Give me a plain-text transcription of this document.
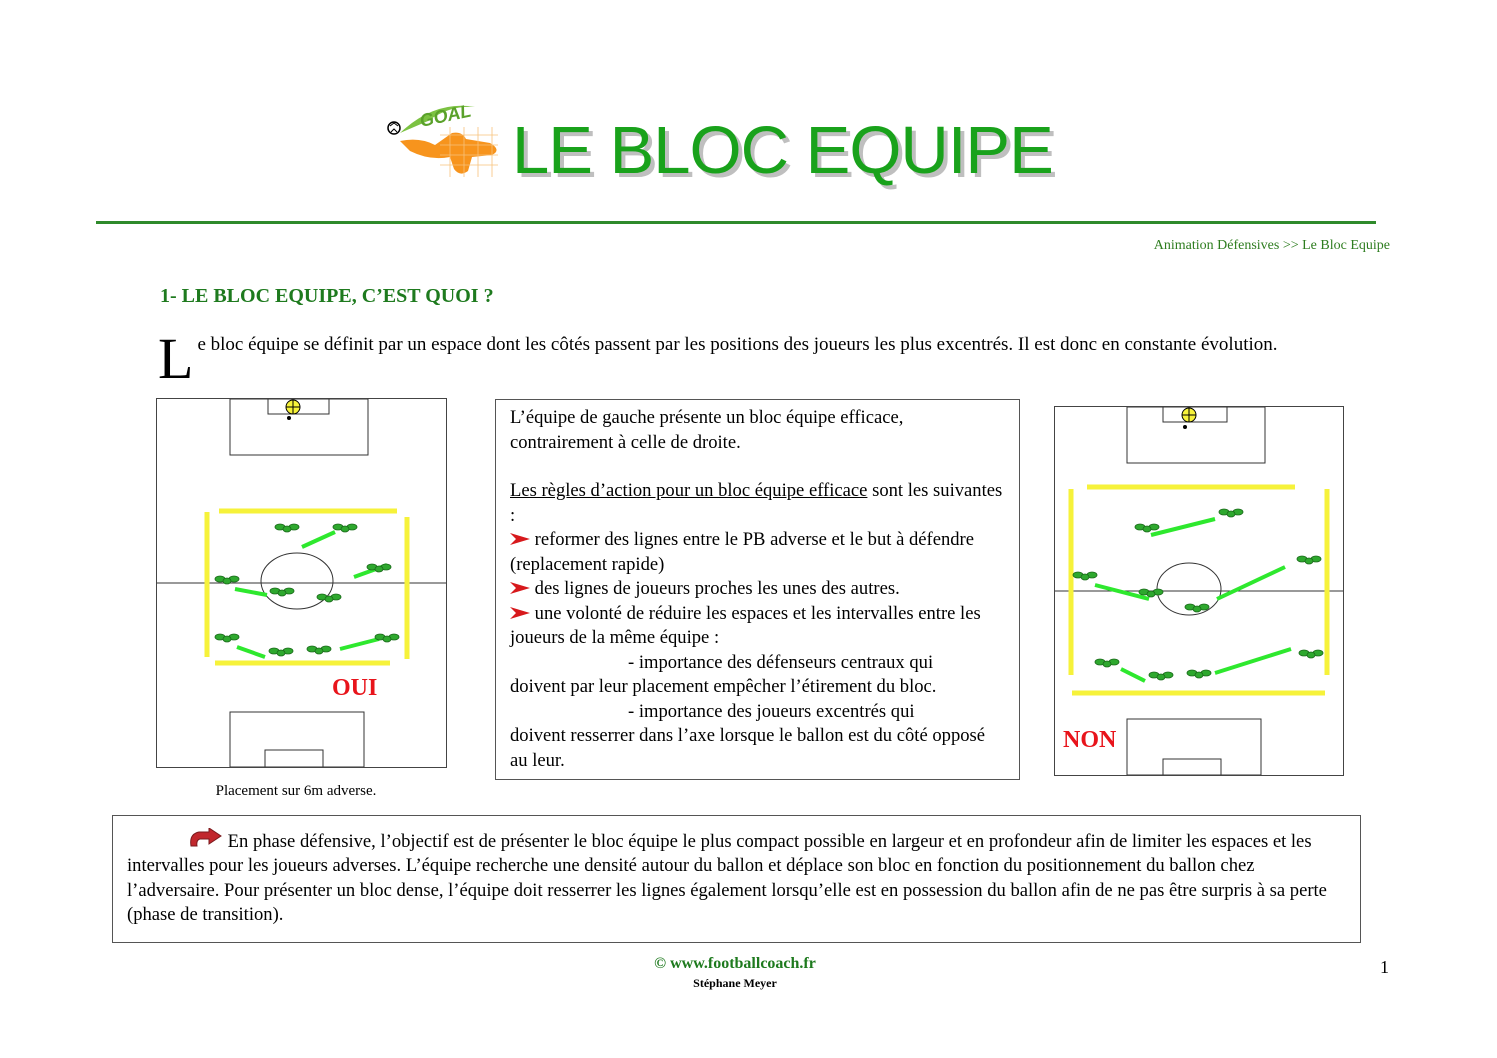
GOAL LE BLOC EQUIPE
Animation Défensives >> Le Bloc Equipe
1- LE BLOC EQUIPE, C’EST QUOI ?
L e bloc équipe se définit par un espace dont les côtés passent par les positions des joueurs les plus excentrés. Il est donc en constante évolution.
OUI
Placement sur 6m adverse.

L’équipe de gauche présente un bloc équipe efficace, contrairement à celle de droite.

Les règles d’action pour un bloc équipe efficace sont les suivantes :

reformer des lignes entre le PB adverse et le but à défendre (replacement rapide)

des lignes de joueurs proches les unes des autres.

une volonté de réduire les espaces et les intervalles entre les joueurs de la même équipe :

- importance des défenseurs centraux qui
doivent par leur placement empêcher l’étirement du bloc.

- importance des joueurs excentrés qui
doivent resserrer dans l’axe lorsque le ballon est du côté opposé au leur.

NON

En phase défensive, l’objectif est de présenter le bloc équipe le plus compact possible en largeur et en profondeur afin de limiter les espaces et les intervalles pour les joueurs adverses. L’équipe recherche une densité autour du ballon et déplace son bloc en fonction du positionnement du ballon chez l’adversaire. Pour présenter un bloc dense, l’équipe doit resserrer les lignes également lorsqu’elle est en possession du ballon afin de ne pas être surpris à sa perte (phase de transition).

© www.footballcoach.fr
Stéphane Meyer
1
